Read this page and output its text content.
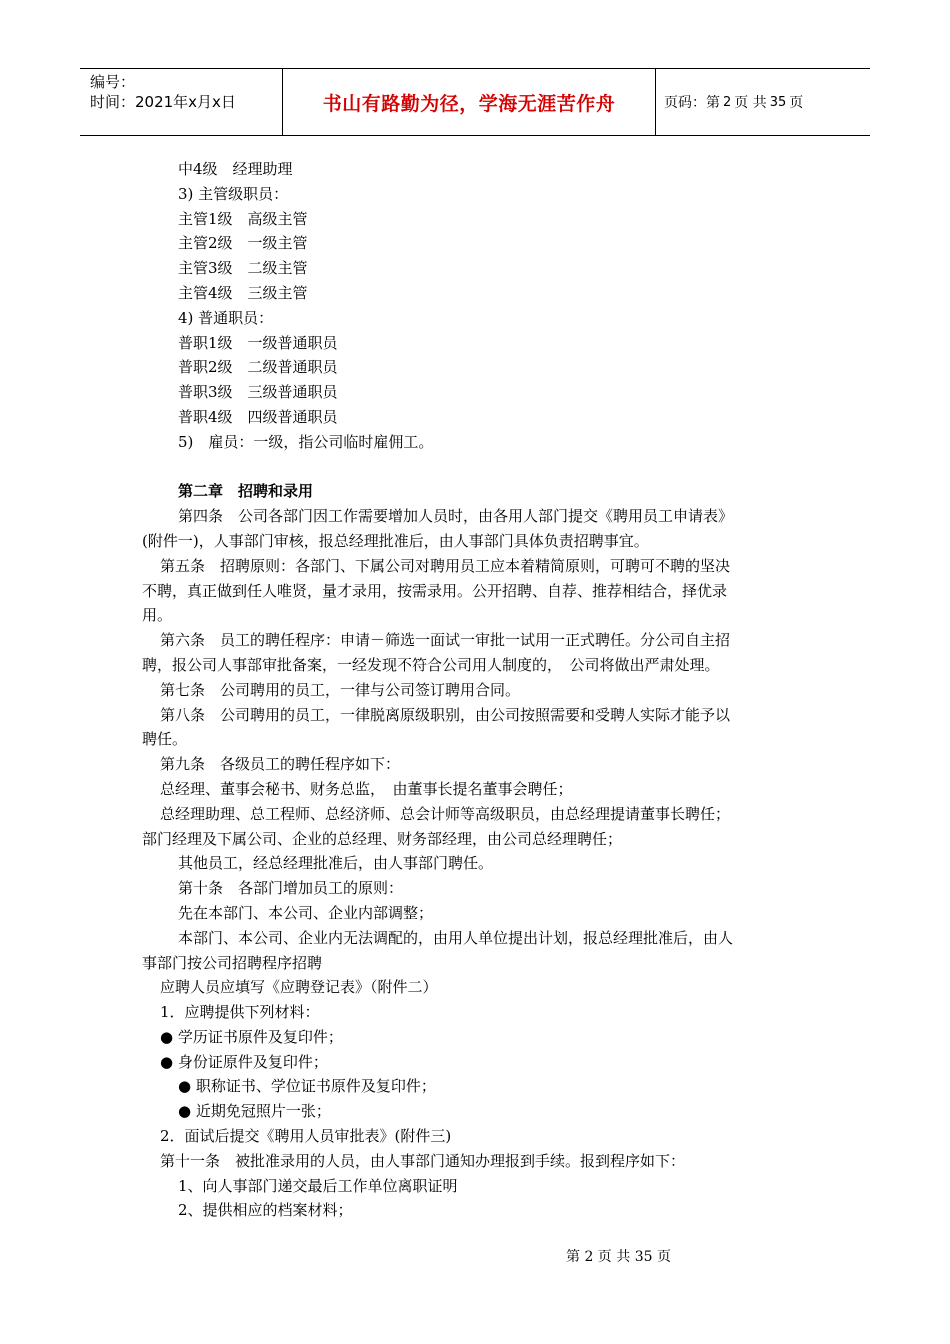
编号：
时间：2021年x月x日	书山有路勤为径，学海无涯苦作舟	页码：第 2 页 共 35 页
中4级　经理助理
3) 主管级职员：
主管1级　高级主管
主管2级　一级主管
主管3级　二级主管
主管4级　三级主管
4) 普通职员：
普职1级　一级普通职员
普职2级　二级普通职员
普职3级　三级普通职员
普职4级　四级普通职员
5)　雇员：一级，指公司临时雇佣工。
第二章　招聘和录用
第四条　公司各部门因工作需要增加人员时，由各用人部门提交《聘用员工申请表》
(附件一)，人事部门审核，报总经理批准后，由人事部门具体负责招聘事宜。
第五条　招聘原则：各部门、下属公司对聘用员工应本着精简原则，可聘可不聘的坚决
不聘，真正做到任人唯贤，量才录用，按需录用。公开招聘、自荐、推荐相结合，择优录
用。
第六条　员工的聘任程序：申请－筛选一面试一审批一试用一正式聘任。分公司自主招
聘，报公司人事部审批备案，一经发现不符合公司用人制度的，　公司将做出严肃处理。
第七条　公司聘用的员工，一律与公司签订聘用合同。
第八条　公司聘用的员工，一律脱离原级职别，由公司按照需要和受聘人实际才能予以
聘任。
第九条　各级员工的聘任程序如下：
总经理、董事会秘书、财务总监，　由董事长提名董事会聘任；
总经理助理、总工程师、总经济师、总会计师等高级职员，由总经理提请董事长聘任；
部门经理及下属公司、企业的总经理、财务部经理，由公司总经理聘任；
其他员工，经总经理批准后，由人事部门聘任。
第十条　各部门增加员工的原则：
先在本部门、本公司、企业内部调整；
本部门、本公司、企业内无法调配的，由用人单位提出计划，报总经理批准后，由人
事部门按公司招聘程序招聘
应聘人员应填写《应聘登记表》（附件二）
1．应聘提供下列材料：
● 学历证书原件及复印件；
● 身份证原件及复印件；
● 职称证书、学位证书原件及复印件；
● 近期免冠照片一张；
2．面试后提交《聘用人员审批表》(附件三)
第十一条　被批准录用的人员，由人事部门通知办理报到手续。报到程序如下：
1、向人事部门递交最后工作单位离职证明
2、提供相应的档案材料；
第 2 页 共 35 页
